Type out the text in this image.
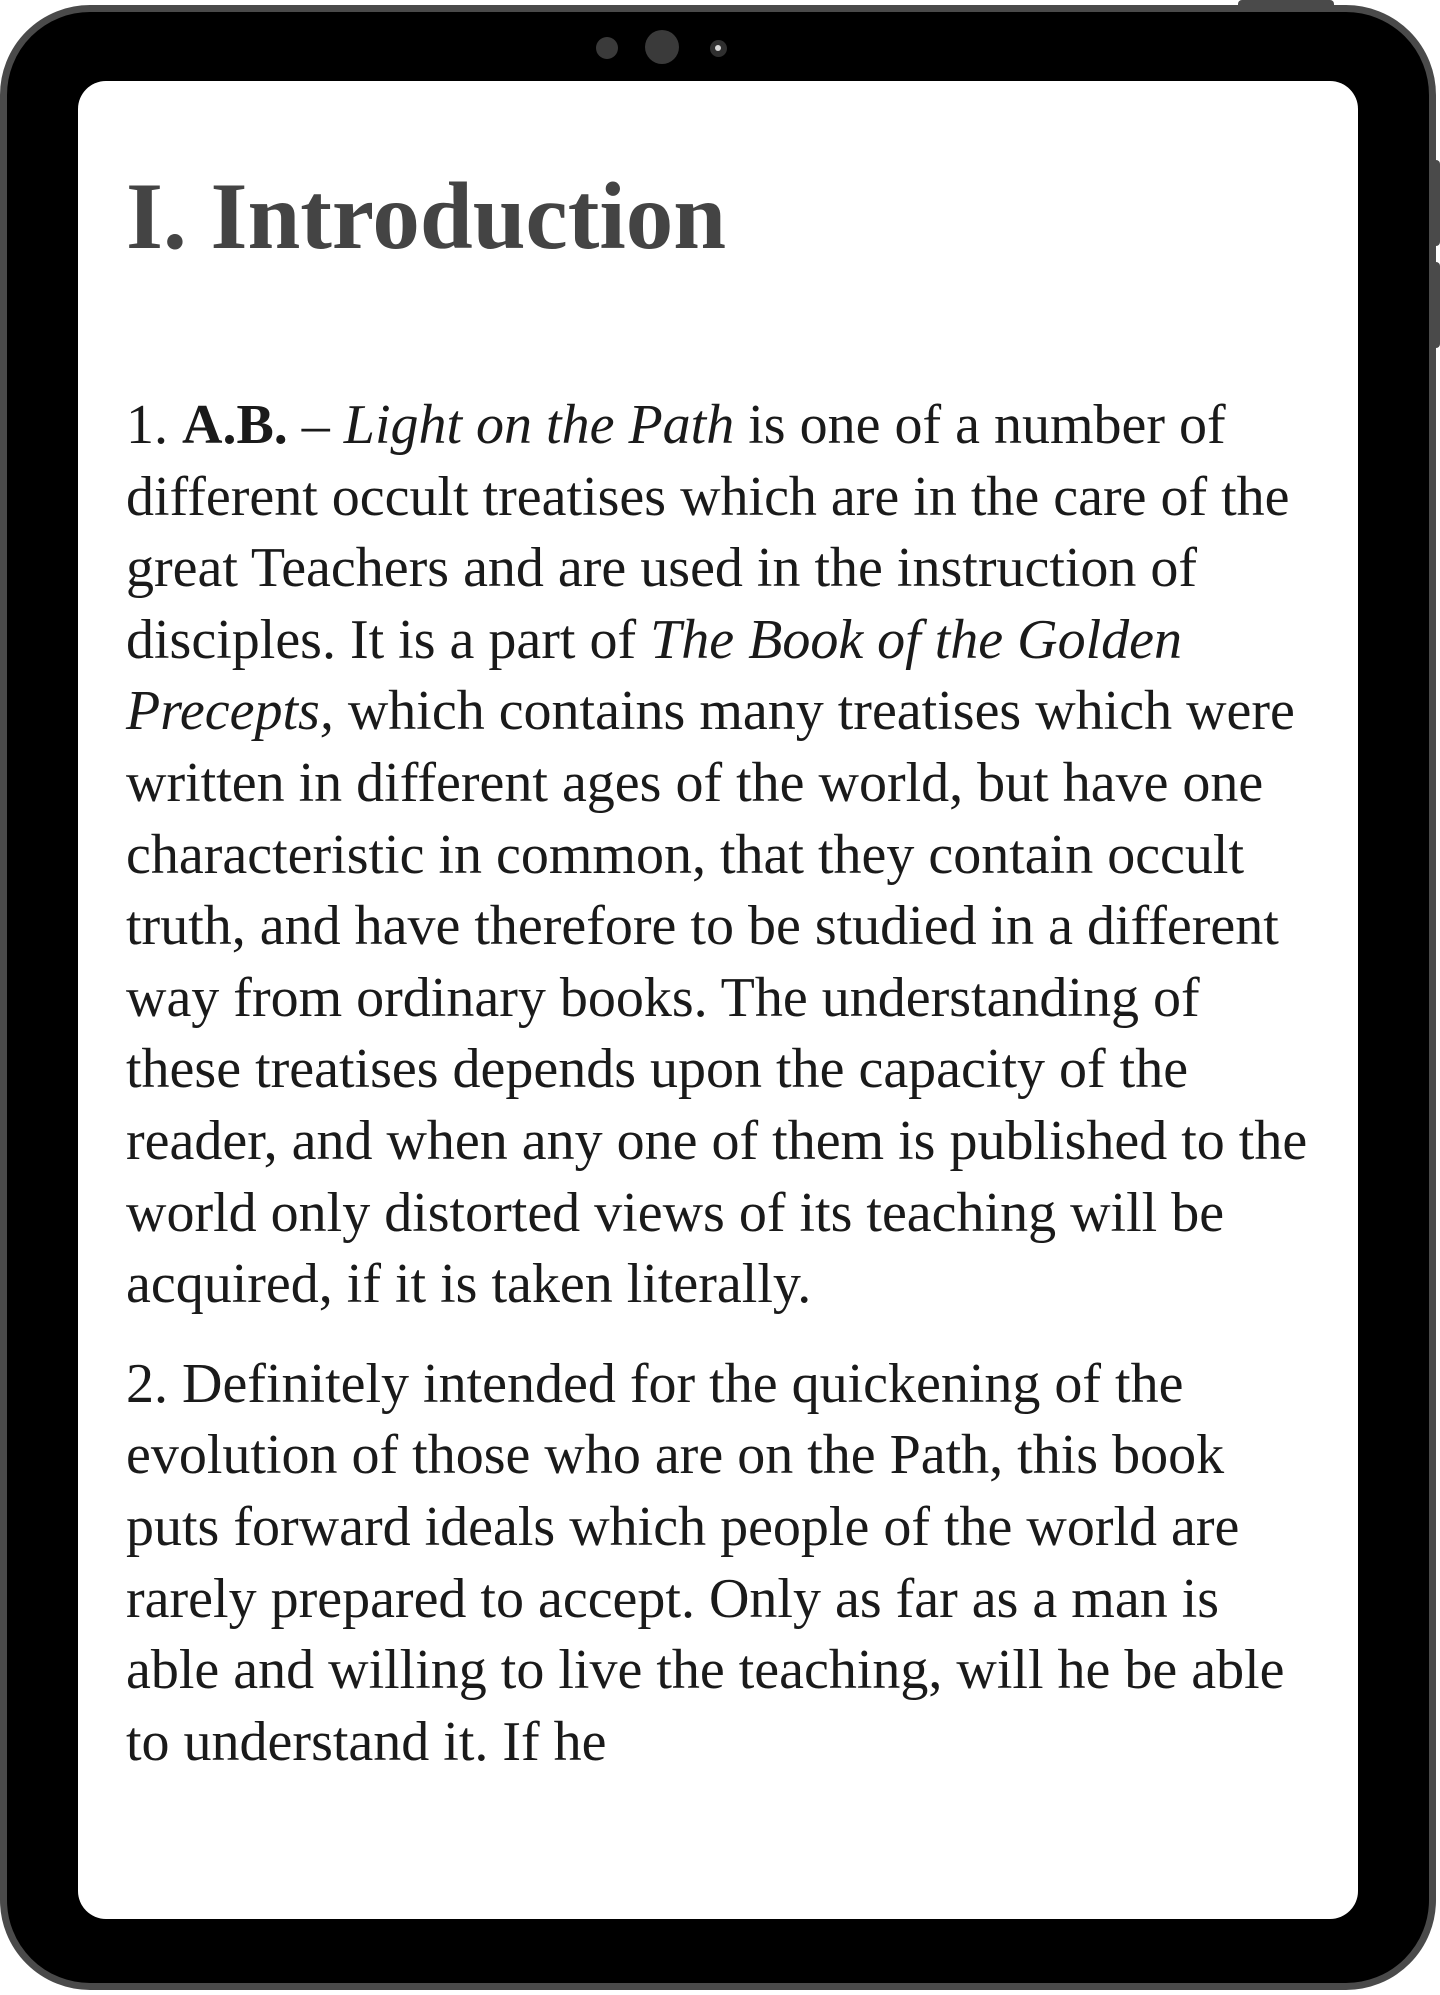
I. Introduction

1. A.B. – Light on the Path is one of a number of different occult treatises which are in the care of the great Teachers and are used in the instruction of disciples. It is a part of The Book of the Golden Precepts, which contains many treatises which were written in different ages of the world, but have one characteristic in common, that they contain occult truth, and have therefore to be studied in a different way from ordinary books. The understanding of these treatises depends upon the capacity of the reader, and when any one of them is published to the world only distorted views of its teaching will be acquired, if it is taken literally.

2. Definitely intended for the quickening of the evolution of those who are on the Path, this book puts forward ideals which people of the world are rarely prepared to accept. Only as far as a man is able and willing to live the teaching, will he be able to understand it. If he
